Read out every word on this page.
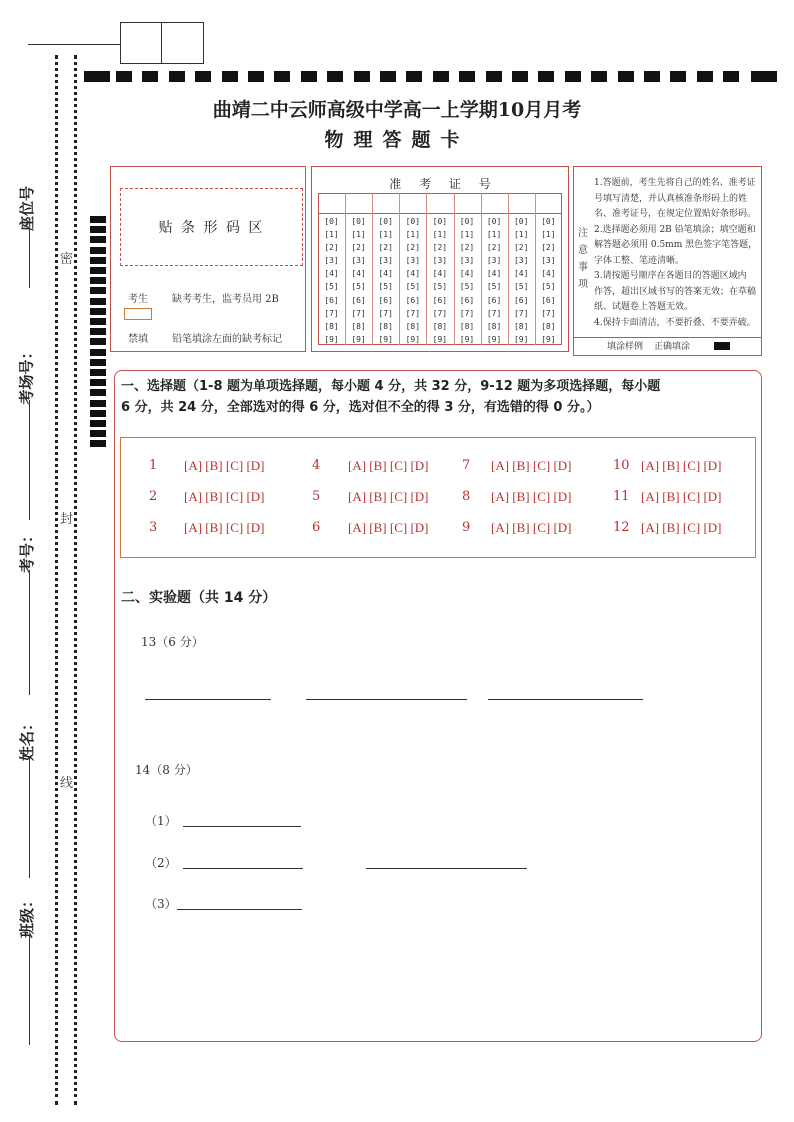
密
封
线
座位号
考场号：
考号：
姓名：
班级：
曲靖二中云师高级中学高一上学期10月月考
物理答题卡
贴 条 形 码 区
考生 缺考考生，监考员用 2B
禁填 铅笔填涂左面的缺考标记
准 考 证 号
[0]
[1]
[2]
[3]
[4]
[5]
[6]
[7]
[8]
[9]
[0]
[1]
[2]
[3]
[4]
[5]
[6]
[7]
[8]
[9]
[0]
[1]
[2]
[3]
[4]
[5]
[6]
[7]
[8]
[9]
[0]
[1]
[2]
[3]
[4]
[5]
[6]
[7]
[8]
[9]
[0]
[1]
[2]
[3]
[4]
[5]
[6]
[7]
[8]
[9]
[0]
[1]
[2]
[3]
[4]
[5]
[6]
[7]
[8]
[9]
[0]
[1]
[2]
[3]
[4]
[5]
[6]
[7]
[8]
[9]
[0]
[1]
[2]
[3]
[4]
[5]
[6]
[7]
[8]
[9]
[0]
[1]
[2]
[3]
[4]
[5]
[6]
[7]
[8]
[9]
注
意
事
项
1.答题前，考生先将自己的姓名、准考证
号填写清楚，并认真核准条形码上的姓
名、准考证号，在规定位置贴好条形码。
2.选择题必须用 2B 铅笔填涂；填空题和
解答题必须用 0.5mm 黑色签字笔答题，
字体工整、笔迹清晰。
3.请按题号顺序在各题目的答题区域内
作答，超出区域书写的答案无效；在草稿
纸、试题卷上答题无效。
4.保持卡面清洁，不要折叠、不要弄破。
填涂样例 正确填涂
一、选择题（1-8 题为单项选择题，每小题 4 分，共 32 分，9-12 题为多项选择题，每小题
6 分，共 24 分，全部选对的得 6 分，选对但不全的得 3 分，有选错的得 0 分。）
1 [A] [B] [C] [D]
2 [A] [B] [C] [D]
3 [A] [B] [C] [D]
4 [A] [B] [C] [D]
5 [A] [B] [C] [D]
6 [A] [B] [C] [D]
7 [A] [B] [C] [D]
8 [A] [B] [C] [D]
9 [A] [B] [C] [D]
10 [A] [B] [C] [D]
11 [A] [B] [C] [D]
12 [A] [B] [C] [D]
二、实验题（共 14 分）
13（6 分）
14（8 分）
（1）
（2）
（3）
